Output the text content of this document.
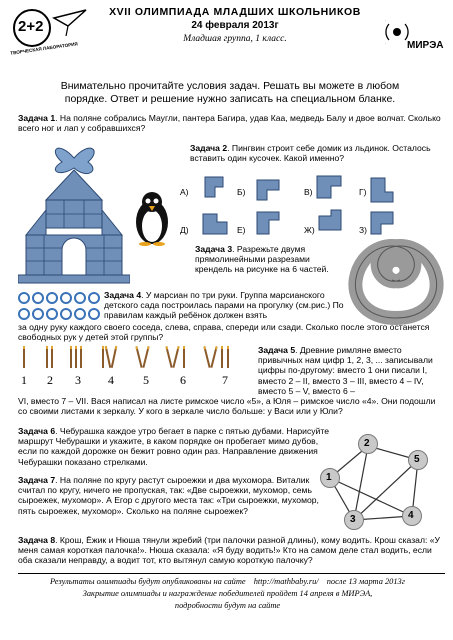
2+2
ТВОРЧЕСКАЯ ЛАБОРАТОРИЯ
XVII ОЛИМПИАДА МЛАДШИХ ШКОЛЬНИКОВ
24 февраля 2013г
Младшая группа, 1 класс.
МИРЭА
Внимательно прочитайте условия задач. Решать вы можете в любом порядке. Ответ и решение нужно записать на специальном бланке.
Задача 1. На поляне собрались Маугли, пантера Багира, удав Каа, медведь Балу и двое волчат. Сколько всего ног и лап у собравшихся?
Задача 2. Пингвин строит себе домик из льдинок. Осталось вставить один кусочек. Какой именно?
А)	Б)	В)	Г)
Д)	Е)	Ж)	З)
Задача 3. Разрежьте двумя прямолинейными разрезами крендель на рисунке на 6 частей.
Задача 4. У марсиан по три руки. Группа марсианского детского сада построилась парами на прогулку (см.рис.) По правилам каждый ребёнок должен взять
за одну руку каждого своего соседа, слева, справа, спереди или сзади. Сколько после этого останется свободных рук у детей этой группы?
1 2 3 4 5	6	7
Задача 5. Древние римляне вместо привычных нам цифр 1, 2, 3, ... записывали цифры по-другому: вместо 1 они писали I, вместо 2 – II, вместо 3 – III, вместо 4 – IV, вместо 5 – V, вместо 6 –
VI, вместо 7 – VII. Вася написал на листе римское число «5», а Юля – римское число «4». Они подошли со своими листами к зеркалу. У кого в зеркале число больше: у Васи или у Юли?
Задача 6. Чебурашка каждое утро бегает в парке с пятью дубами. Нарисуйте маршрут Чебурашки и укажите, в каком порядке он пробегает мимо дубов, если по каждой дорожке он бежит ровно один раз. Направление движения Чебурашки показано стрелками.
2
5
1
3	4
Задача 7. На поляне по кругу растут сыроежки и два мухомора. Виталик считал по кругу, ничего не пропуская, так: «Две сыроежки, мухомор, семь сыроежек, мухомор». А Егор с другого места так: «Три сыроежки, мухомор, пять сыроежек, мухомор». Сколько на поляне сыроежек?
Задача 8. Крош, Ёжик и Нюша тянули жребий (три палочки разной длины), кому водить. Крош сказал: «У меня самая короткая палочка!». Нюша сказала: «Я буду водить!» Кто на самом деле стал водить, если оба сказали неправду, а водит тот, кто вытянул самую короткую палочку?
Результаты олимпиады будут опубликованы на сайте http://mathbaby.ru/ после 13 марта 2013г
Закрытие олимпиады и награждение победителей пройдет 14 апреля в МИРЭА,
подробности будут на сайте
